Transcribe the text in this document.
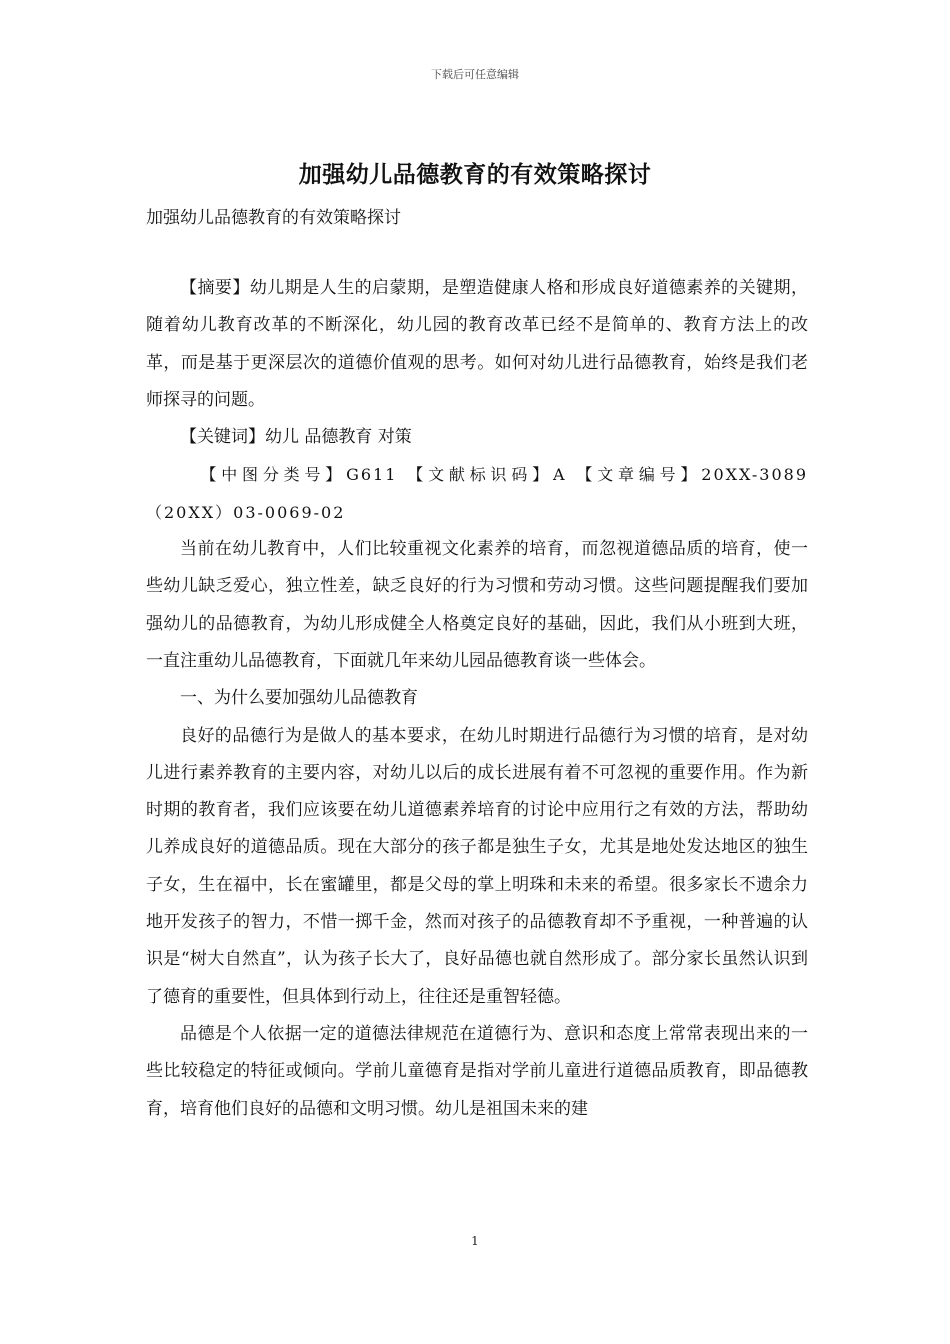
下载后可任意编辑
加强幼儿品德教育的有效策略探讨
加强幼儿品德教育的有效策略探讨

【摘要】幼儿期是人生的启蒙期，是塑造健康人格和形成良好道德素养的关键期，随着幼儿教育改革的不断深化，幼儿园的教育改革已经不是简单的、教育方法上的改革，而是基于更深层次的道德价值观的思考。如何对幼儿进行品德教育，始终是我们老师探寻的问题。

【关键词】幼儿 品德教育 对策

【中图分类号】G611 【文献标识码】A 【文章编号】20XX-3089（20XX）03-0069-02

当前在幼儿教育中，人们比较重视文化素养的培育，而忽视道德品质的培育，使一些幼儿缺乏爱心，独立性差，缺乏良好的行为习惯和劳动习惯。这些问题提醒我们要加强幼儿的品德教育，为幼儿形成健全人格奠定良好的基础，因此，我们从小班到大班，一直注重幼儿品德教育，下面就几年来幼儿园品德教育谈一些体会。

一、为什么要加强幼儿品德教育

良好的品德行为是做人的基本要求，在幼儿时期进行品德行为习惯的培育，是对幼儿进行素养教育的主要内容，对幼儿以后的成长进展有着不可忽视的重要作用。作为新时期的教育者，我们应该要在幼儿道德素养培育的讨论中应用行之有效的方法，帮助幼儿养成良好的道德品质。现在大部分的孩子都是独生子女，尤其是地处发达地区的独生子女，生在福中，长在蜜罐里，都是父母的掌上明珠和未来的希望。很多家长不遗余力地开发孩子的智力，不惜一掷千金，然而对孩子的品德教育却不予重视，一种普遍的认识是“树大自然直”，认为孩子长大了，良好品德也就自然形成了。部分家长虽然认识到了德育的重要性，但具体到行动上，往往还是重智轻德。

品德是个人依据一定的道德法律规范在道德行为、意识和态度上常常表现出来的一些比较稳定的特征或倾向。学前儿童德育是指对学前儿童进行道德品质教育，即品德教育，培育他们良好的品德和文明习惯。幼儿是祖国未来的建

1
